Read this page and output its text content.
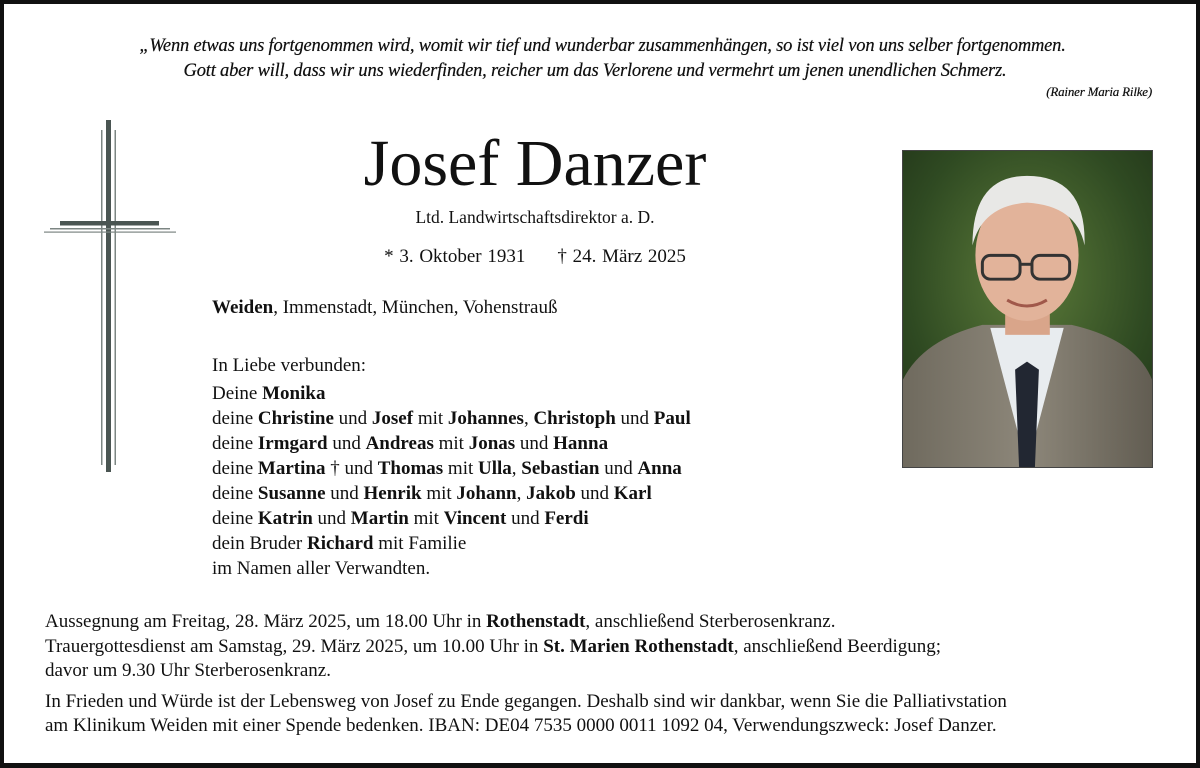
„Wenn etwas uns fortgenommen wird, womit wir tief und wunderbar zusammenhängen, so ist viel von uns selber fortgenommen.
Gott aber will, dass wir uns wiederfinden, reicher um das Verlorene und vermehrt um jenen unendlichen Schmerz.
(Rainer Maria Rilke)
Josef Danzer
Ltd. Landwirtschaftsdirektor a. D.
* 3. Oktober 1931 † 24. März 2025
Weiden, Immenstadt, München, Vohenstrauß
In Liebe verbunden:
Deine Monika
deine Christine und Josef mit Johannes, Christoph und Paul
deine Irmgard und Andreas mit Jonas und Hanna
deine Martina † und Thomas mit Ulla, Sebastian und Anna
deine Susanne und Henrik mit Johann, Jakob und Karl
deine Katrin und Martin mit Vincent und Ferdi
dein Bruder Richard mit Familie
im Namen aller Verwandten.
Aussegnung am Freitag, 28. März 2025, um 18.00 Uhr in Rothenstadt, anschließend Sterberosenkranz.
Trauergottesdienst am Samstag, 29. März 2025, um 10.00 Uhr in St. Marien Rothenstadt, anschließend Beerdigung;
davor um 9.30 Uhr Sterberosenkranz.
In Frieden und Würde ist der Lebensweg von Josef zu Ende gegangen. Deshalb sind wir dankbar, wenn Sie die Palliativstation
am Klinikum Weiden mit einer Spende bedenken. IBAN: DE04 7535 0000 0011 1092 04, Verwendungszweck: Josef Danzer.
